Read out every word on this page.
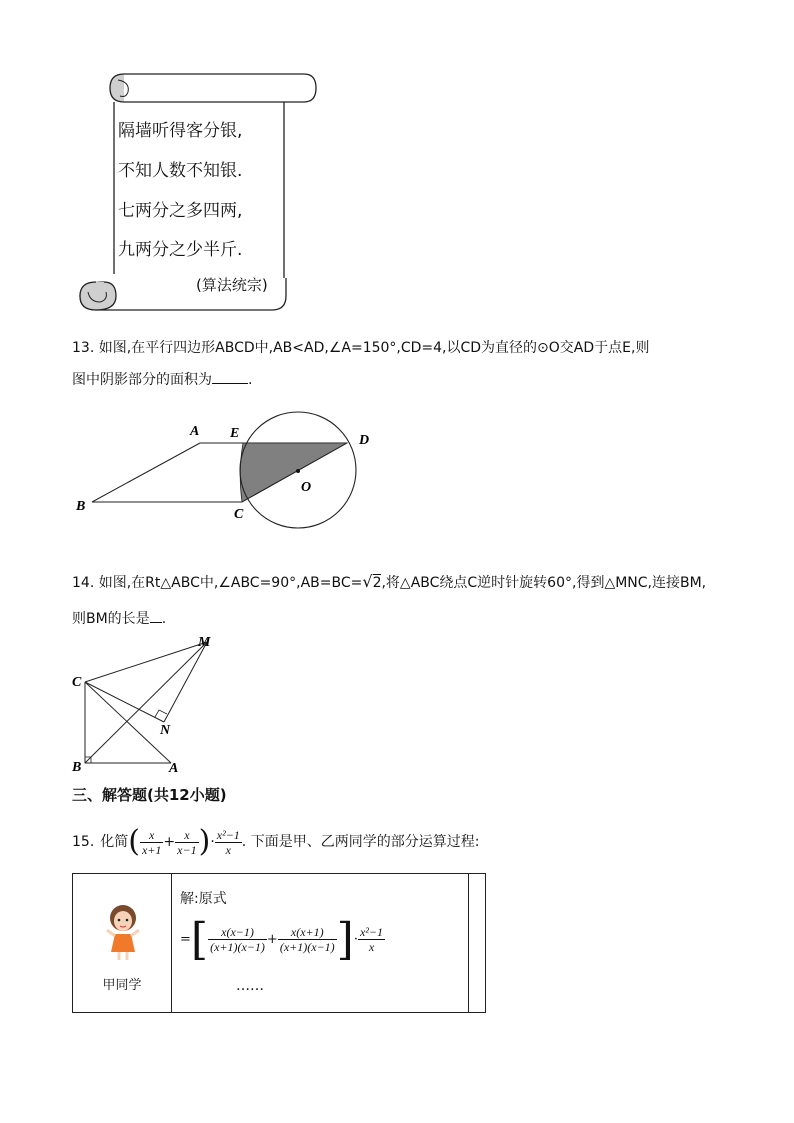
隔墙听得客分银,
不知人数不知银.
七两分之多四两,
九两分之少半斤.
(算法统宗)
13. 如图,在平行四边形ABCD中,AB<AD,∠A=150°,CD=4,以CD为直径的⊙O交AD于点E,则
图中阴影部分的面积为	.
A E	D
B
C
O
14. 如图,在Rt△ABC中,∠ABC=90°,AB=BC=√2,将△ABC绕点C逆时针旋转60°,得到△MNC,连接BM,
则BM的长是 .
M
C
N
B	A
三、解答题(共12小题)
15. 化简 ( $\frac{x}{x+1} + \frac{x}{x-1}$ ) · $\frac{\text{x²−1}}{x}$ . 下面是甲、乙两同学的部分运算过程:
甲同学

解:原式
= [ $\frac{x(x-1)}{(x+1)(x-1)} + \frac{x(x+1)}{(x+1)(x-1)}$ ] · $\frac{\text{x²−1}}{x}$
……
